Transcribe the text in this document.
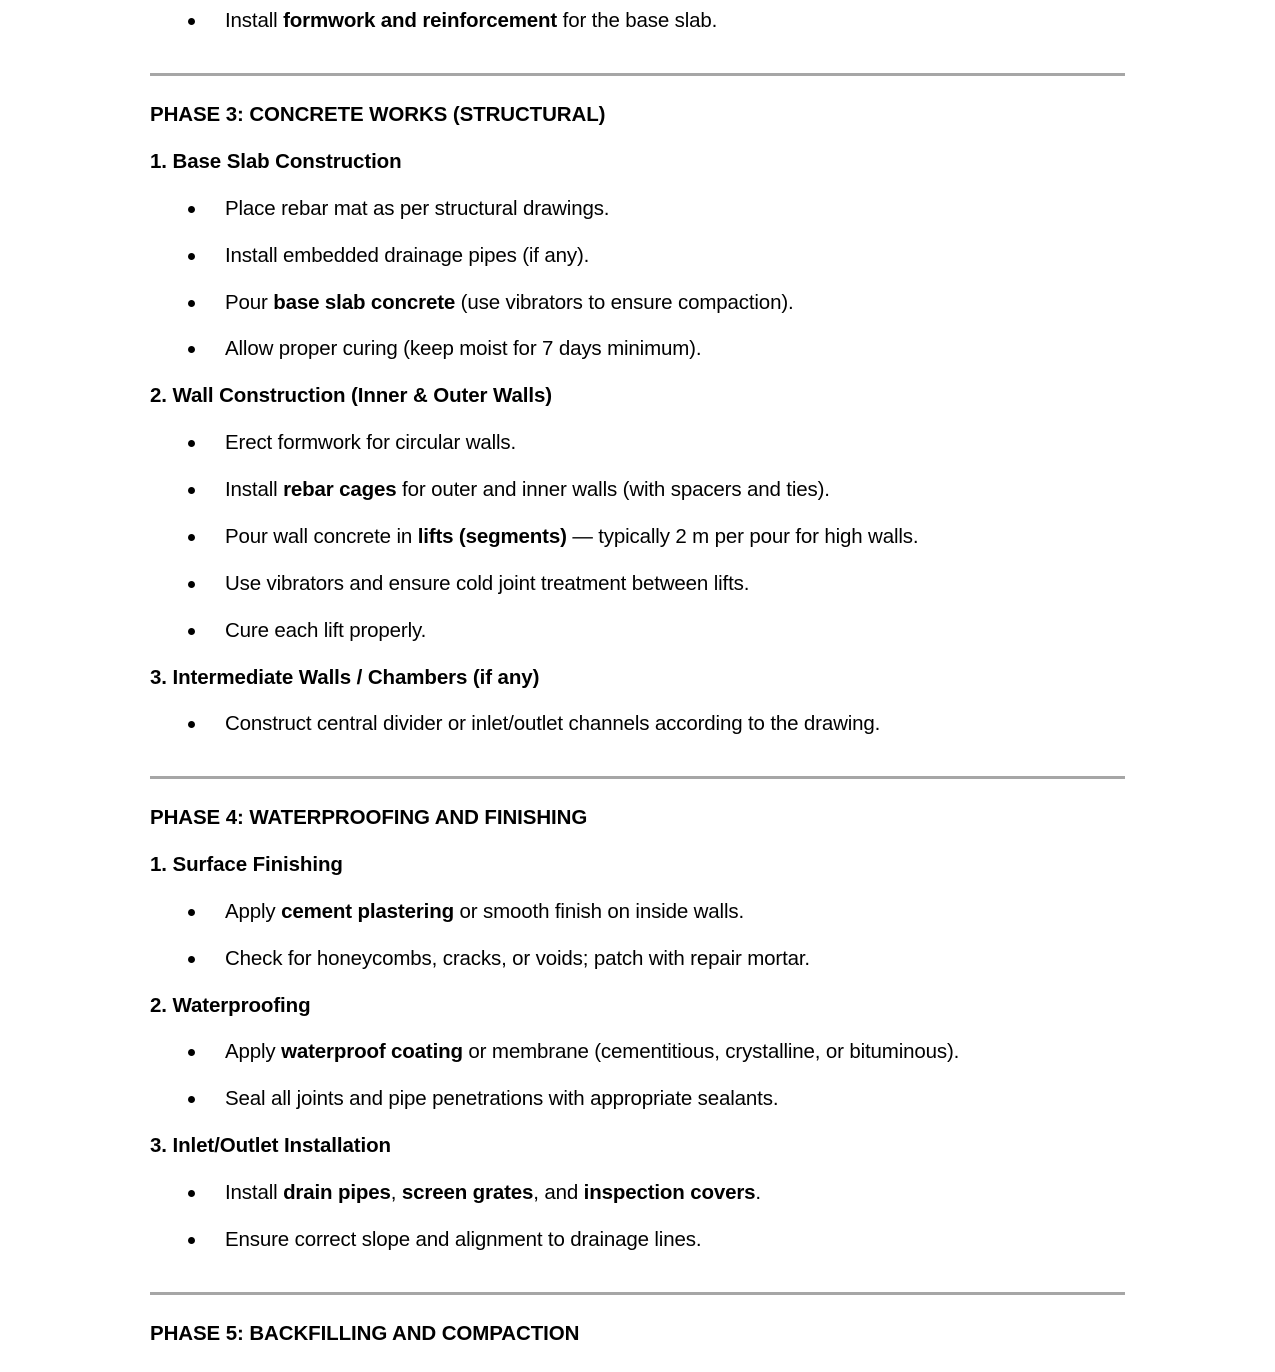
Install formwork and reinforcement for the base slab.
PHASE 3: CONCRETE WORKS (STRUCTURAL)
1. Base Slab Construction
Place rebar mat as per structural drawings.
Install embedded drainage pipes (if any).
Pour base slab concrete (use vibrators to ensure compaction).
Allow proper curing (keep moist for 7 days minimum).
2. Wall Construction (Inner & Outer Walls)
Erect formwork for circular walls.
Install rebar cages for outer and inner walls (with spacers and ties).
Pour wall concrete in lifts (segments) — typically 2 m per pour for high walls.
Use vibrators and ensure cold joint treatment between lifts.
Cure each lift properly.
3. Intermediate Walls / Chambers (if any)
Construct central divider or inlet/outlet channels according to the drawing.
PHASE 4: WATERPROOFING AND FINISHING
1. Surface Finishing
Apply cement plastering or smooth finish on inside walls.
Check for honeycombs, cracks, or voids; patch with repair mortar.
2. Waterproofing
Apply waterproof coating or membrane (cementitious, crystalline, or bituminous).
Seal all joints and pipe penetrations with appropriate sealants.
3. Inlet/Outlet Installation
Install drain pipes, screen grates, and inspection covers.
Ensure correct slope and alignment to drainage lines.
PHASE 5: BACKFILLING AND COMPACTION
